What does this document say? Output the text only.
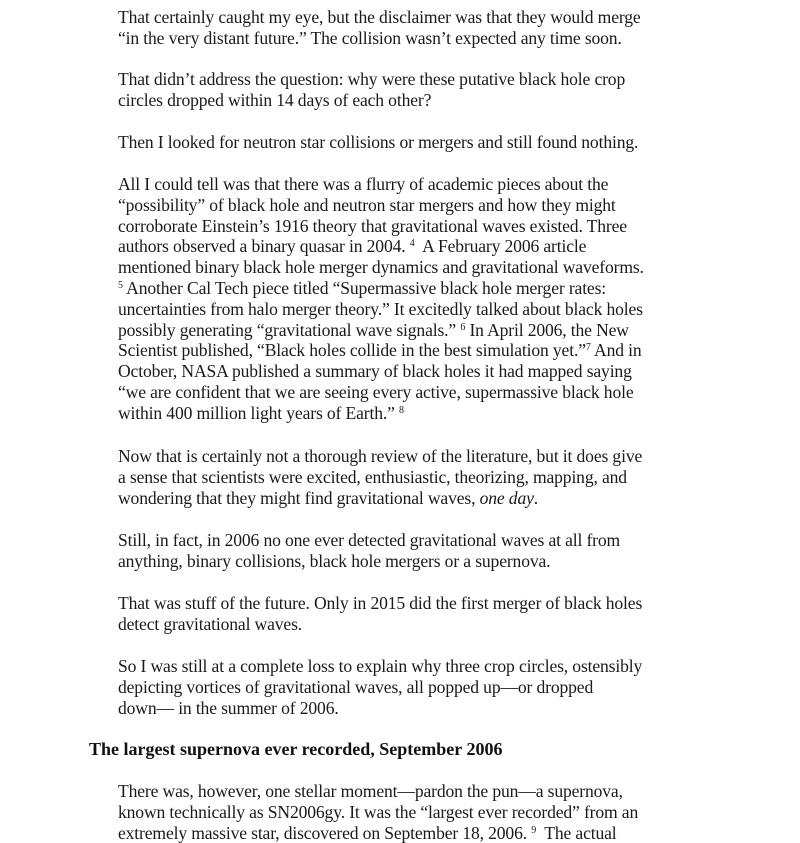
That certainly caught my eye, but the disclaimer was that they would merge
“in the very distant future.” The collision wasn’t expected any time soon.

That didn’t address the question: why were these putative black hole crop
circles dropped within 14 days of each other?

Then I looked for neutron star collisions or mergers and still found nothing.

All I could tell was that there was a flurry of academic pieces about the
“possibility” of black hole and neutron star mergers and how they might
corroborate Einstein’s 1916 theory that gravitational waves existed. Three
authors observed a binary quasar in 2004. $^4$ A February 2006 article
mentioned binary black hole merger dynamics and gravitational waveforms.
$^5$ Another Cal Tech piece titled “Supermassive black hole merger rates:
uncertainties from halo merger theory.” It excitedly talked about black holes
possibly generating “gravitational wave signals.” $^6$ In April 2006, the New
Scientist published, “Black holes collide in the best simulation yet.”$^7$ And in
October, NASA published a summary of black holes it had mapped saying
“we are confident that we are seeing every active, supermassive black hole
within 400 million light years of Earth.” $^8$

Now that is certainly not a thorough review of the literature, but it does give
a sense that scientists were excited, enthusiastic, theorizing, mapping, and
wondering that they might find gravitational waves, one day.

Still, in fact, in 2006 no one ever detected gravitational waves at all from
anything, binary collisions, black hole mergers or a supernova.

That was stuff of the future. Only in 2015 did the first merger of black holes
detect gravitational waves.

So I was still at a complete loss to explain why three crop circles, ostensibly
depicting vortices of gravitational waves, all popped up—or dropped
down— in the summer of 2006.

The largest supernova ever recorded, September 2006

There was, however, one stellar moment—pardon the pun—a supernova,
known technically as SN2006gy. It was the “largest ever recorded” from an
extremely massive star, discovered on September 18, 2006. $^9$ The actual
